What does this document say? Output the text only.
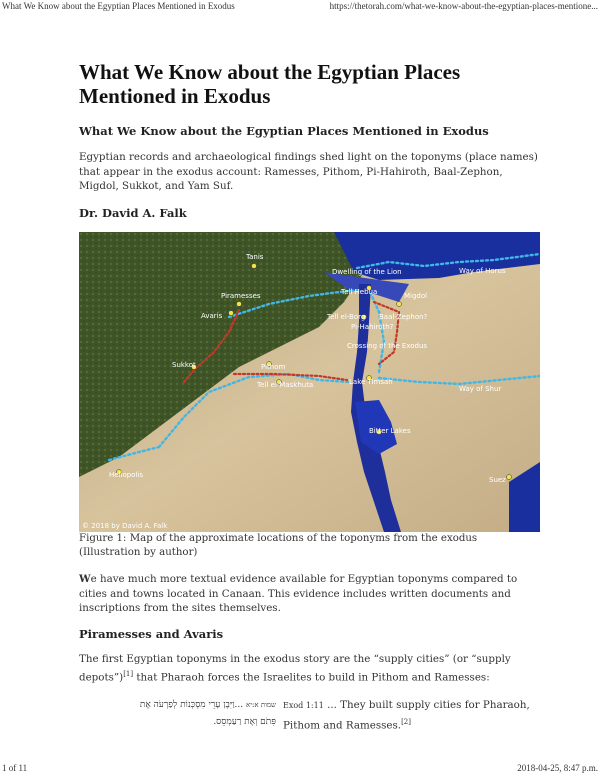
What We Know about the Egyptian Places Mentioned in Exodus	https://thetorah.com/what-we-know-about-the-egyptian-places-mentione...
What We Know about the Egyptian Places Mentioned in Exodus
What We Know about the Egyptian Places Mentioned in Exodus

Egyptian records and archaeological findings shed light on the toponyms (place names) that appear in the exodus account: Ramesses, Pithom, Pi-Hahiroth, Baal-Zephon, Migdol, Sukkot, and Yam Suf.

Dr. David A. Falk

Tanis
Dwelling of the Lion	Way of Horus
Piramesses
Avaris
Tell Hebua	Migdol
Tell el-Borg Baal-Zephon?
Pi-Hahiroth?
Crossing of the Exodus
Sukkot	Pithom
Tell el-Maskhuta	Lake Timsah
Way of Shur
Bitter Lakes
Heliopolis
Suez
© 2018 by David A. Falk

Figure 1: Map of the approximate locations of the toponyms from the exodus (Illustration by author)

We have much more textual evidence available for Egyptian toponyms compared to cities and towns located in Canaan. This evidence includes written documents and inscriptions from the sites themselves.

Piramesses and Avaris

The first Egyptian toponyms in the exodus story are the “supply cities” (or “supply depots”)[1] that Pharaoh forces the Israelites to build in Pithom and Ramesses:

שמות א:יא ...וַיִּבֶן עָרֵי מִסְכְּנוֹת לְפַרְעֹה אֶת
פִּתֹם וְאֶת רַעַמְסֵס.
Exod 1:11 ... They built supply cities for Pharaoh,
Pithom and Ramesses.[2]
1 of 11	2018-04-25, 8:47 p.m.
